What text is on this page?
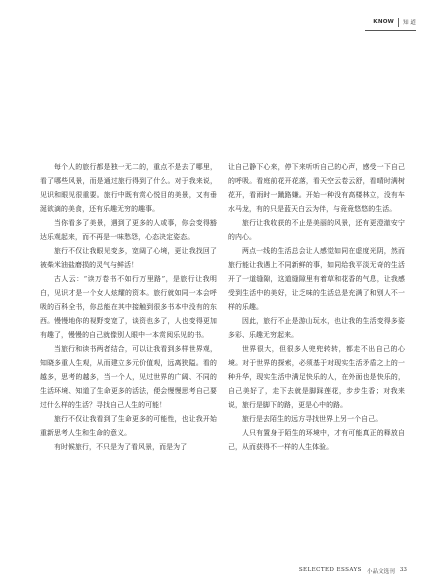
KNOW 知 道

每个人的旅行都是独一无二的，重点不是去了哪里，看了哪些风景，而是通过旅行得到了什么。对于我来说，见识和眼见很重要。旅行中既有赏心悦目的美景，又有垂涎欲滴的美食，还有乐趣无穷的趣事。

当你看多了美景，遇到了更多的人或事，你会变得豁达乐观起来，而不再是一味愁怨，心态决定姿态。

旅行不仅让我眼见变多，宽阔了心境，更让我找回了被柴米油盐磨损的灵气与鲜活！

古人云：“读万卷书不如行万里路”，是旅行让我明白，见识才是一个女人炫耀的资本。旅行就如同一本会呼吸的百科全书，你总能在其中接触到很多书本中没有的东西。慢慢地你的视野变宽了，谈资也多了，人也变得更加有趣了，慢慢的自己就像别人眼中一本赏阅乐见的书。

当旅行和读书两者结合，可以让我看到多样世界观，知晓多重人生观，从而建立多元价值观，远离狭隘。看的越多，思考的越多，当一个人，见过世界的广阔、不同的生活环境、知道了生命更多的活法，便会慢慢思考自己要过什么样的生活？寻找自己人生的可能！

旅行不仅让我看到了生命更多的可能性，也让我开始重新思考人生和生命的意义。

有时候旅行，不只是为了看风景，而是为了

让自己静下心来，停下来听听自己的心声，感受一下自己的呼吸。看庭前花开花落，看天空云卷云舒，看晴时满树花开，看雨时一蹴路嫌。开始一种没有高楼林立，没有车水马龙，有的只是蓝天白云为伴，与竟竟悠悠的生活。

旅行让我收获的不止是美丽的风景，还有更澄澈安宁的内心。

两点一线的生活总会让人感觉如同在虚度光阴，然而旅行能让我遇上不同新鲜的事，如同给我平淡无奇的生活开了一道缝隙，这道缝隙里有着草和花香的气息，让我感受到生活中的美好，让乏味的生活总是充满了和别人不一样的乐趣。

因此，旅行不止是游山玩水，也让我的生活变得多姿多彩、乐趣无穷起来。

世界很大，但很多人兜兜转转，都走不出自己的心境。对于世界的探索，必须基于对现实生活矛盾之上的一种升华，现实生活中满足快乐的人，在外面也是快乐的，自己美好了，走下去就是脚踩莲花，步步生香；对我来说，旅行是脚下的路，更是心中的路。

旅行是去陌生的远方寻找世界上另一个自己。

人只有置身于陌生的环境中，才有可能真正的释放自己，从而获得不一样的人生体验。

SELECTED ESSAYS 小品文选刊 33
